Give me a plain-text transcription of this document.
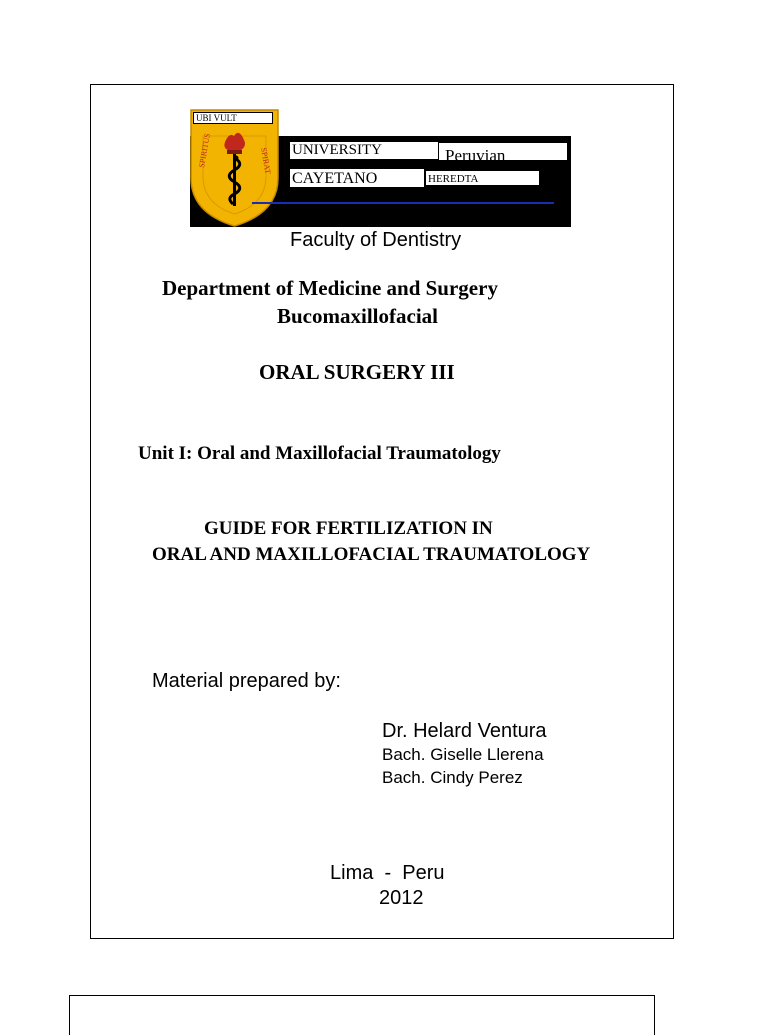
SPIRITUS	SPIRAT
UBI VULT
UNIVERSITY	Peruvian
CAYETANO	HEREDTA
Faculty of Dentistry
Department of Medicine and Surgery
Bucomaxillofacial
ORAL SURGERY III
Unit I: Oral and Maxillofacial Traumatology
GUIDE FOR FERTILIZATION IN
ORAL AND MAXILLOFACIAL TRAUMATOLOGY
Material prepared by:
Dr. Helard Ventura
Bach. Giselle Llerena
Bach. Cindy Perez
Lima  -  Peru
2012
